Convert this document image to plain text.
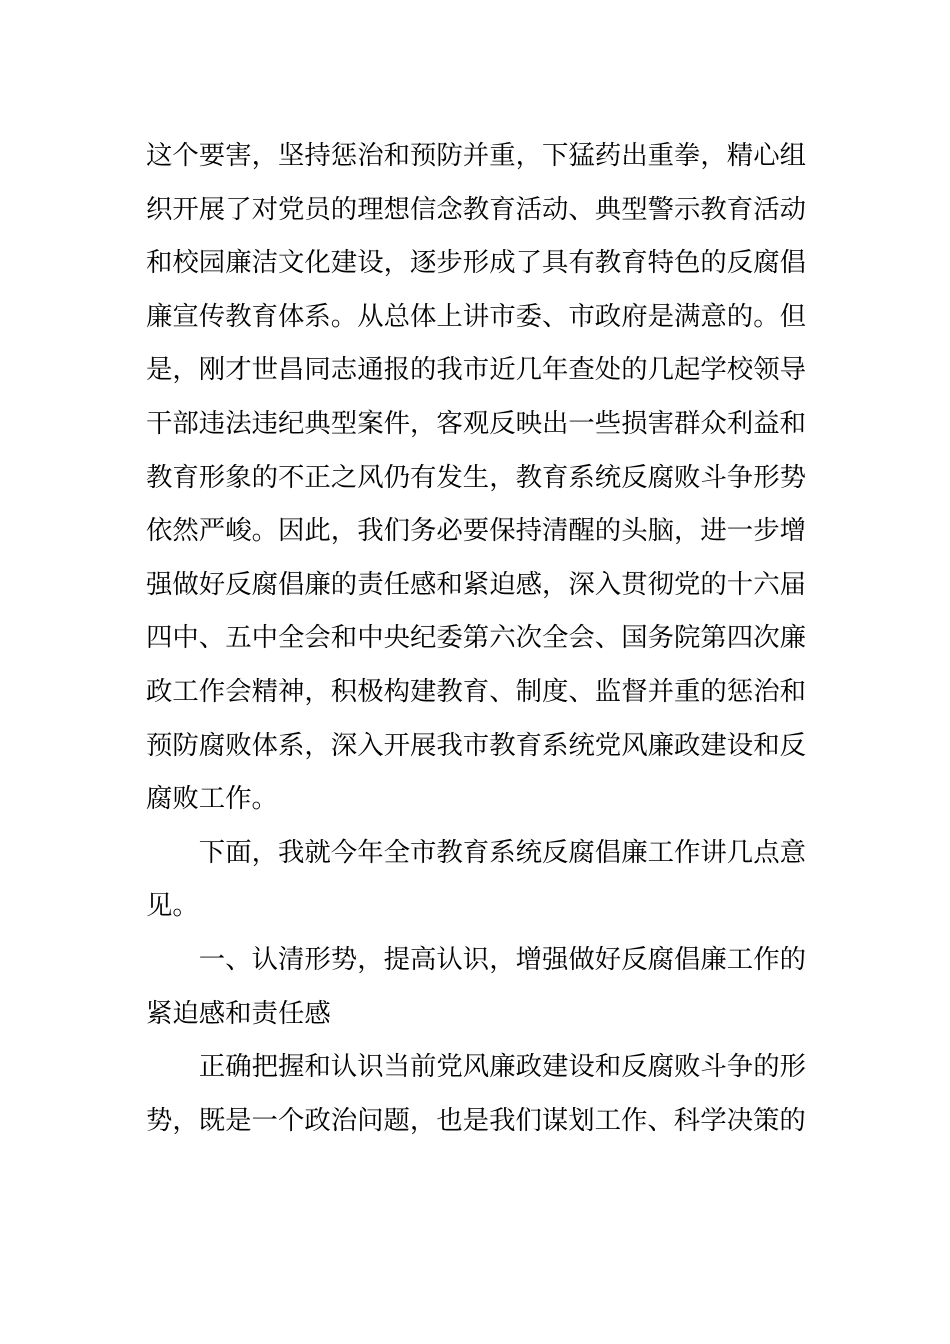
这个要害，坚持惩治和预防并重，下猛药出重拳，精心组织开展了对党员的理想信念教育活动、典型警示教育活动和校园廉洁文化建设，逐步形成了具有教育特色的反腐倡廉宣传教育体系。从总体上讲市委、市政府是满意的。但是，刚才世昌同志通报的我市近几年查处的几起学校领导干部违法违纪典型案件，客观反映出一些损害群众利益和教育形象的不正之风仍有发生，教育系统反腐败斗争形势依然严峻。因此，我们务必要保持清醒的头脑，进一步增强做好反腐倡廉的责任感和紧迫感，深入贯彻党的十六届四中、五中全会和中央纪委第六次全会、国务院第四次廉政工作会精神，积极构建教育、制度、监督并重的惩治和预防腐败体系，深入开展我市教育系统党风廉政建设和反腐败工作。

下面，我就今年全市教育系统反腐倡廉工作讲几点意见。

一、认清形势，提高认识，增强做好反腐倡廉工作的紧迫感和责任感

正确把握和认识当前党风廉政建设和反腐败斗争的形势，既是一个政治问题，也是我们谋划工作、科学决策的
